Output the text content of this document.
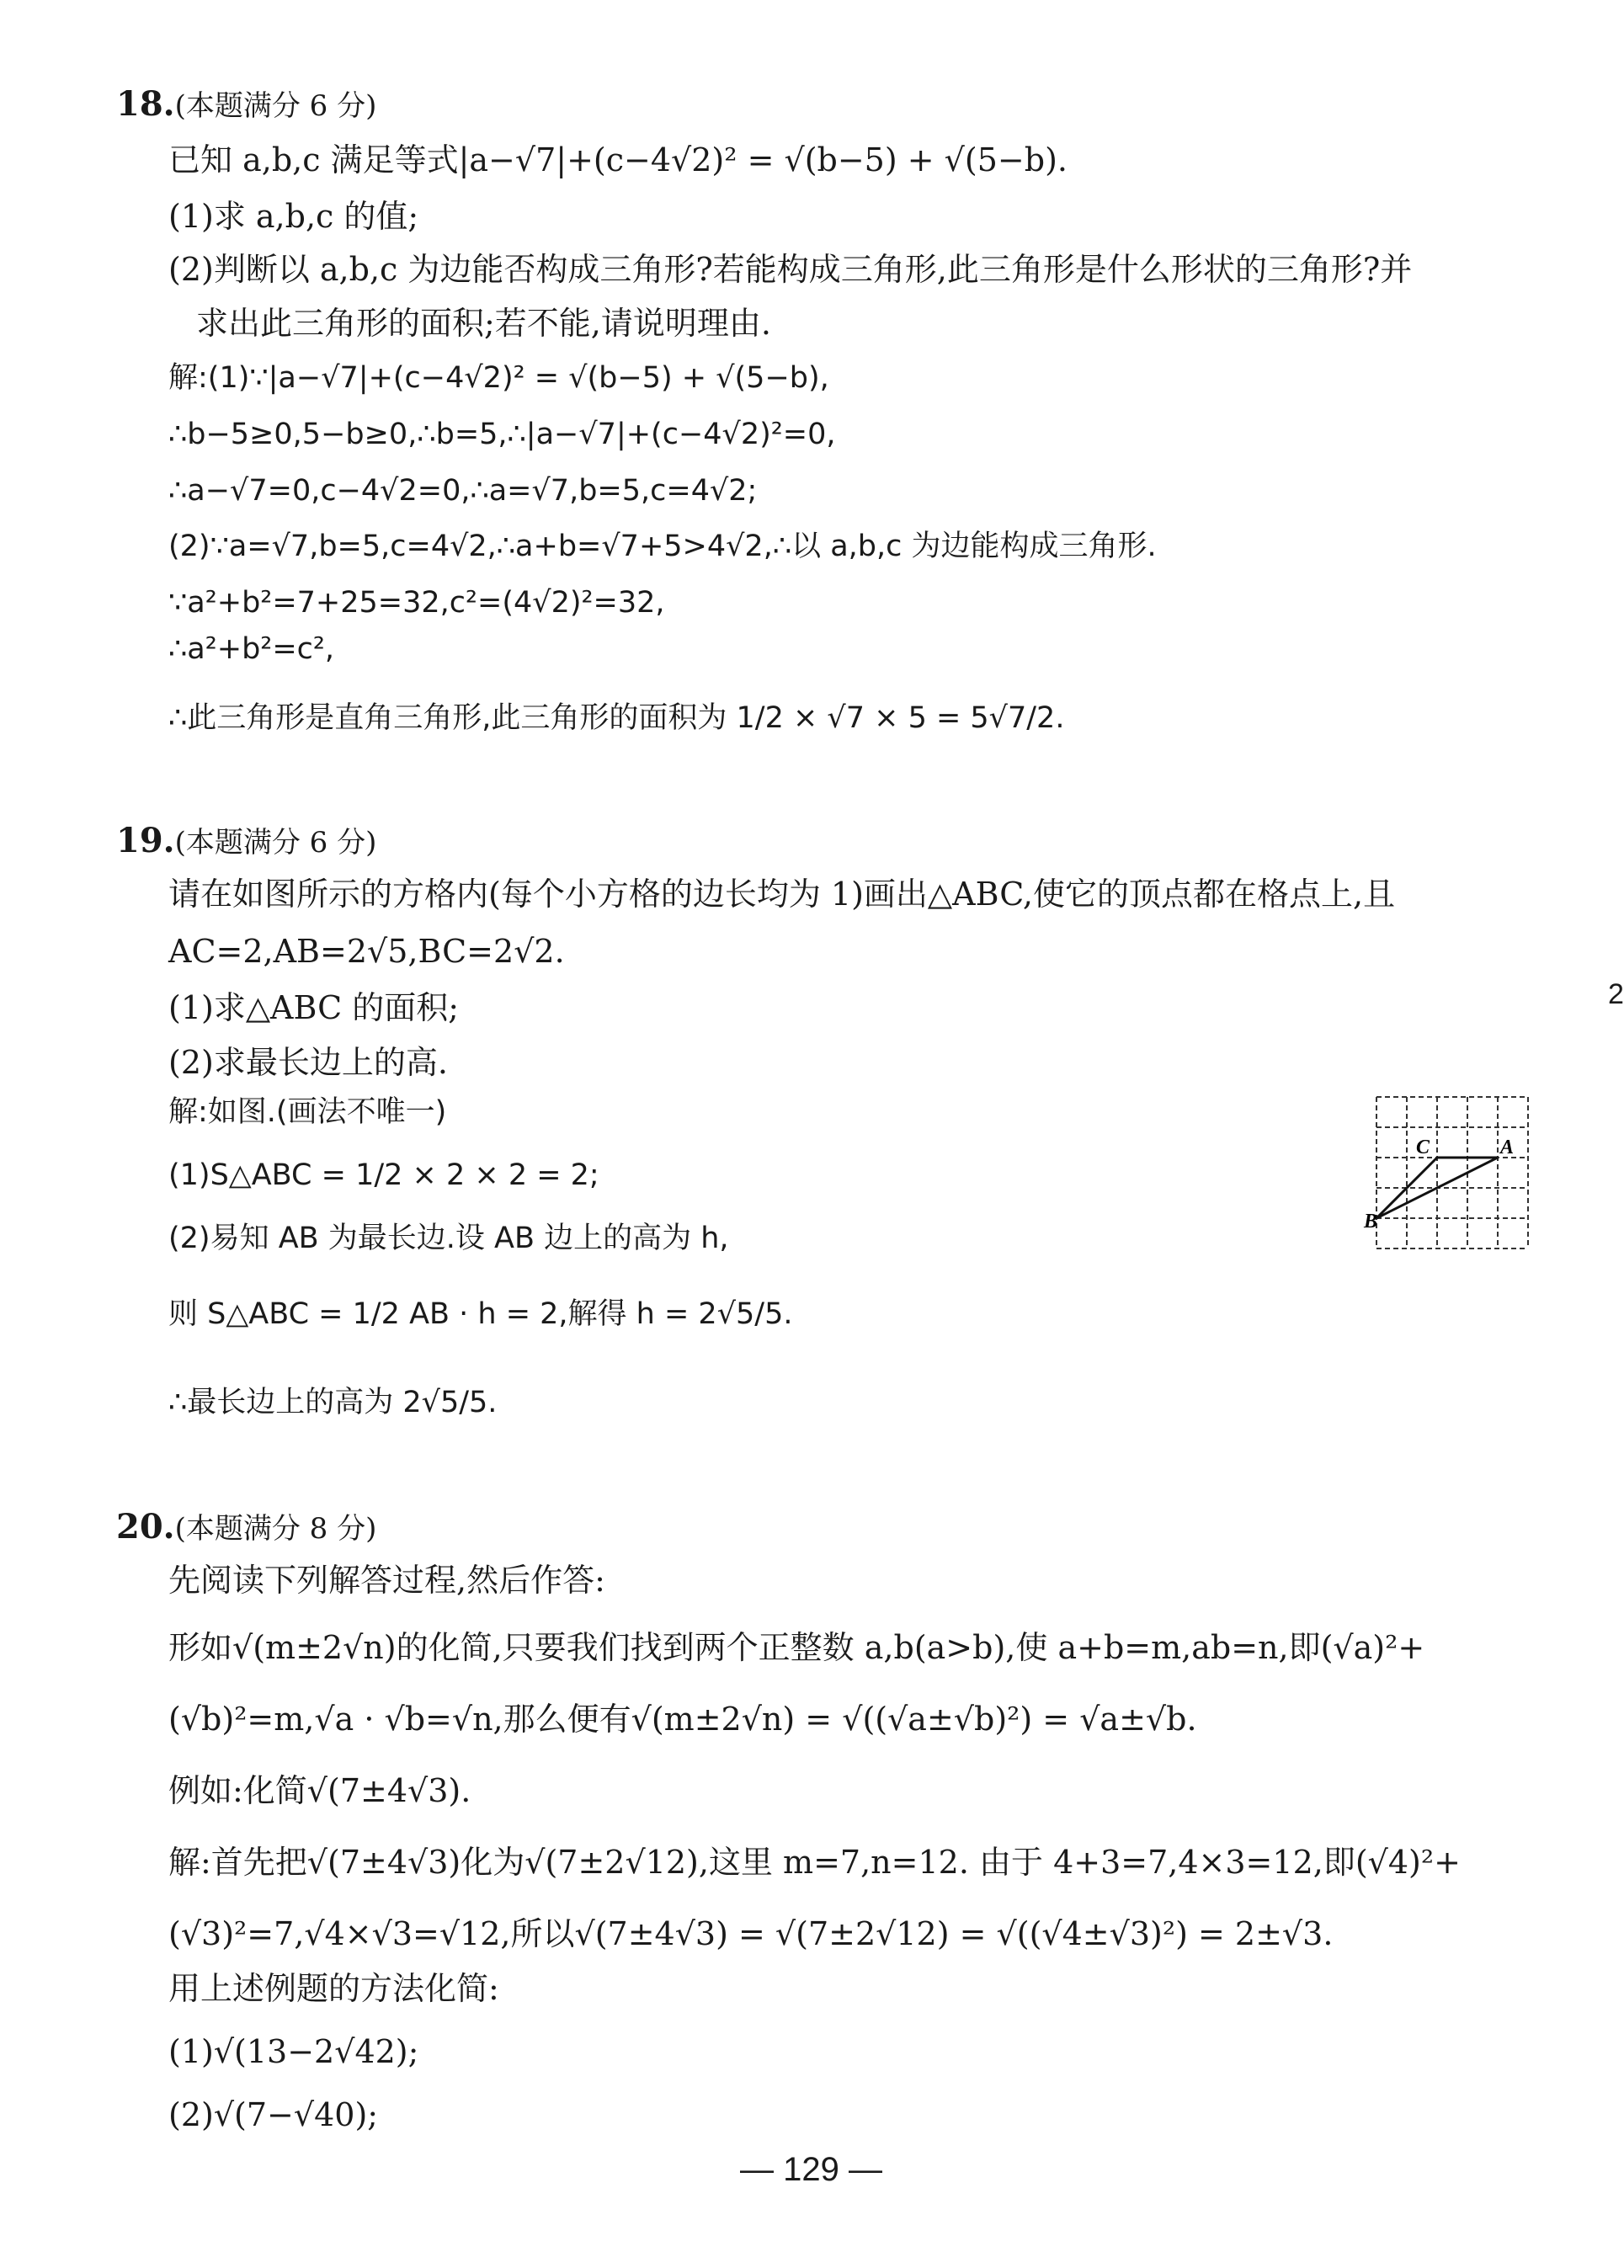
18.(本题满分 6 分)
已知 a,b,c 满足等式|a−√7|+(c−4√2)² = √(b−5) + √(5−b).
(1)求 a,b,c 的值;
(2)判断以 a,b,c 为边能否构成三角形?若能构成三角形,此三角形是什么形状的三角形?并
求出此三角形的面积;若不能,请说明理由.
解:(1)∵|a−√7|+(c−4√2)² = √(b−5) + √(5−b),
∴b−5≥0,5−b≥0,∴b=5,∴|a−√7|+(c−4√2)²=0,
∴a−√7=0,c−4√2=0,∴a=√7,b=5,c=4√2;
(2)∵a=√7,b=5,c=4√2,∴a+b=√7+5>4√2,∴以 a,b,c 为边能构成三角形.
∵a²+b²=7+25=32,c²=(4√2)²=32,
∴a²+b²=c²,
∴此三角形是直角三角形,此三角形的面积为 1/2 × √7 × 5 = 5√7/2.
19.(本题满分 6 分)
请在如图所示的方格内(每个小方格的边长均为 1)画出△ABC,使它的顶点都在格点上,且
AC=2,AB=2√5,BC=2√2.
(1)求△ABC 的面积;
(2)求最长边上的高.
解:如图.(画法不唯一)
(1)S△ABC = 1/2 × 2 × 2 = 2;
(2)易知 AB 为最长边.设 AB 边上的高为 h,
则 S△ABC = 1/2 AB · h = 2,解得 h = 2√5/5.
∴最长边上的高为 2√5/5.
C	A
B
20.(本题满分 8 分)
先阅读下列解答过程,然后作答:
形如√(m±2√n)的化简,只要我们找到两个正整数 a,b(a>b),使 a+b=m,ab=n,即(√a)²+
(√b)²=m,√a · √b=√n,那么便有√(m±2√n) = √((√a±√b)²) = √a±√b.
例如:化简√(7±4√3).
解:首先把√(7±4√3)化为√(7±2√12),这里 m=7,n=12. 由于 4+3=7,4×3=12,即(√4)²+
(√3)²=7,√4×√3=√12,所以√(7±4√3) = √(7±2√12) = √((√4±√3)²) = 2±√3.
用上述例题的方法化简:
(1)√(13−2√42);
(2)√(7−√40);
— 129 —
2
